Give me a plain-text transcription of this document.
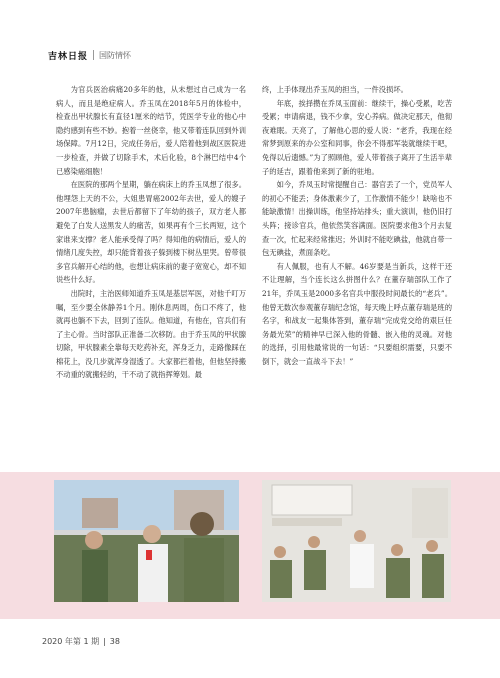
吉林日报 国防情怀

为官兵医治病痛20多年的他，从未想过自己成为一名病人，而且是绝症病人。乔玉凤在2018年5月的体检中，检查出甲状腺长有直径1厘米的结节，凭医学专业的他心中隐约感到有些不妙。抱着一丝侥幸，他又带着连队回到外训场保障。7月12日，完成任务后，爱人陪着他到战区医院进一步检查，并做了切除手术，术后化验，8个淋巴结中4个已感染癌细胞！

在医院的那两个星期，躺在病床上的乔玉凤想了很多。他埋怨上天的不公，大姐患胃癌2002年去世，爱人的嫂子2007年患脑瘤，去世后都留下了年幼的孩子，双方老人都避免了白发人送黑发人的痛苦，如果再有个三长两短，这个家谁来支撑？老人能承受得了吗？得知他的病情后，爱人的情绪几度失控，却只能背着孩子躲到楼下树丛里哭。曾带很多官兵解开心结的他，也想让病床前的妻子宽宽心，却不知说些什么好。

出院时，主治医师知道乔玉凤是基层军医，对他千叮万嘱，至少要全休静养1个月。刚休息两周，伤口不疼了，他就再也躺不下去，回到了连队。他知道，有他在，官兵们有了主心骨。当时部队正准备二次移防。由于乔玉凤的甲状腺切除，甲状腺素全靠每天吃药补充，浑身乏力，走路像踩在棉花上，没几步就浑身湿透了。大家都拦着他，但他坚持搬不动重的就搬轻的，干不动了就指挥筹划。最

终，上手体现出乔玉凤的担当，一件没损坏。

年底，挨择攒在乔凤玉面前：继续干，操心受累，吃苦受累；申请病退，钱不少拿，安心养病。做决定那天，他彻夜难眠。天亮了，了解他心思的爱人说：“老乔，我现在经常梦到原来的办公室和同事，你会不得那军装就继续干吧，免得以后遗憾。”为了照顾他，爱人带着孩子离开了生活半辈子的延吉，跟着他来到了新的驻地。

如今，乔凤玉时常提醒自己：器官丢了一个，党员军人的初心不能丢；身体激素少了，工作激情不能少！缺啥也不能缺激情！出操训练，他坚持站排头；重大演训，他仍旧打头阵；接诊官兵，他依然笑容满面。医院要求他3个月去复查一次，忙起来经常推迟；外训时不能吃碘盐，他就自带一包无碘盐，煮面条吃。

有人佩服，也有人不解。46岁要是当新兵，这样干还不让理解，当个连长这么拼图什么？在董存瑞部队工作了21年，乔凤玉是2000多名官兵中服役时间最长的“老兵”。他曾无数次参观董存瑞纪念馆，每天晚上呼点董存瑞是班的名字，和战友一起集体答到，董存瑞“完成党交给的艰巨任务最光荣”的精神早已深入他的骨髓、嵌入他的灵魂。对他的选择，引用他最常说的一句话：“只要组织需要，只要不倒下，就会一直战斗下去！”

2020 年第 1 期 | 38
